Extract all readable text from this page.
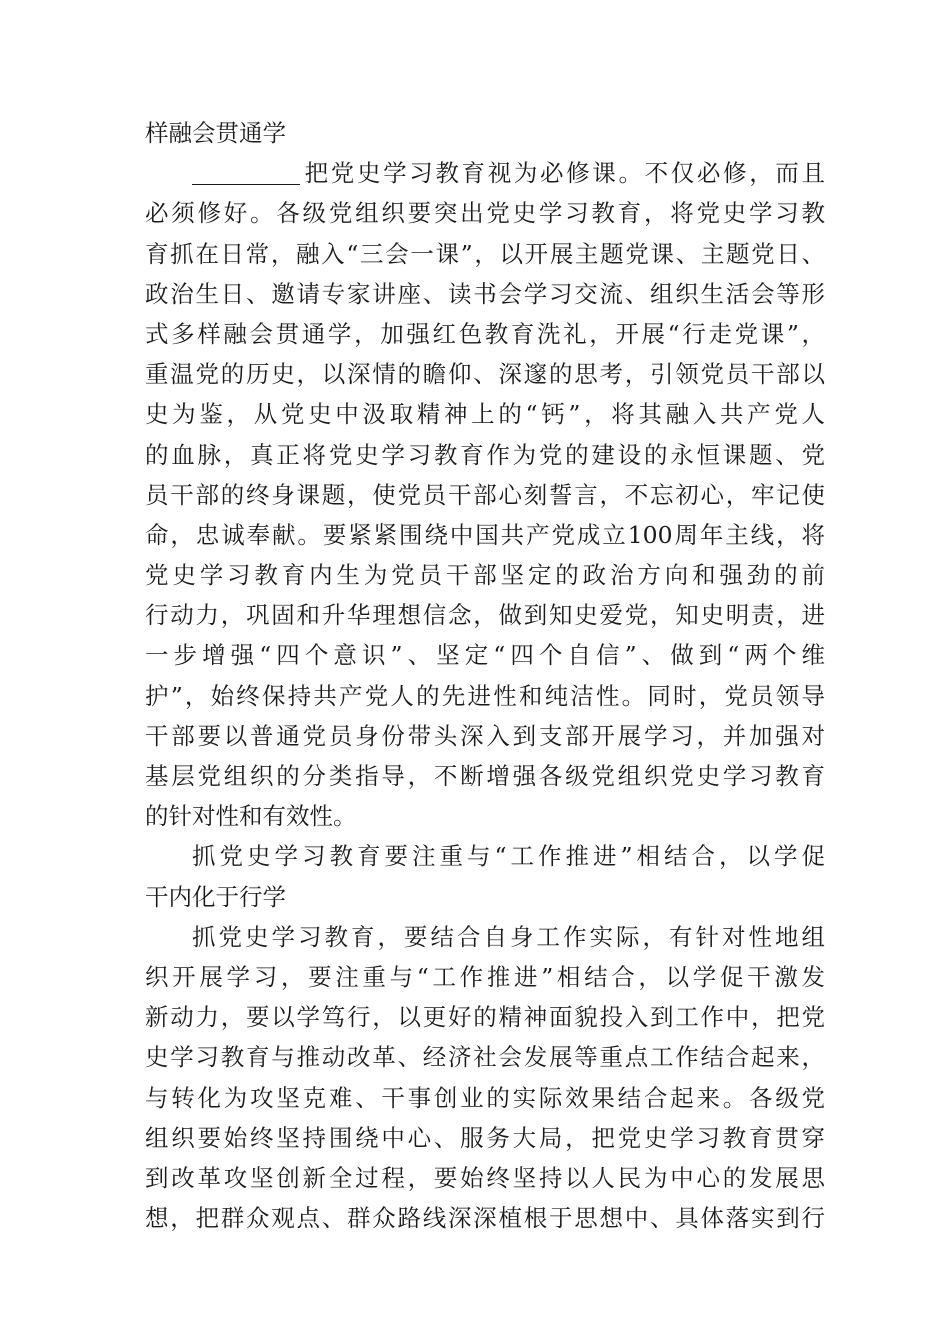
样融会贯通学
把党史学习教育视为必修课。不仅必修，而且
必须修好。各级党组织要突出党史学习教育，将党史学习教
育抓在日常，融入“三会一课”，以开展主题党课、主题党日、
政治生日、邀请专家讲座、读书会学习交流、组织生活会等形
式多样融会贯通学，加强红色教育洗礼，开展“行走党课”，
重温党的历史，以深情的瞻仰、深邃的思考，引领党员干部以
史为鉴，从党史中汲取精神上的“钙”，将其融入共产党人
的血脉，真正将党史学习教育作为党的建设的永恒课题、党
员干部的终身课题，使党员干部心刻誓言，不忘初心，牢记使
命，忠诚奉献。要紧紧围绕中国共产党成立100周年主线，将
党史学习教育内生为党员干部坚定的政治方向和强劲的前
行动力，巩固和升华理想信念，做到知史爱党，知史明责，进
一步增强“四个意识”、坚定“四个自信”、做到“两个维
护”，始终保持共产党人的先进性和纯洁性。同时，党员领导
干部要以普通党员身份带头深入到支部开展学习，并加强对
基层党组织的分类指导，不断增强各级党组织党史学习教育
的针对性和有效性。
抓党史学习教育要注重与“工作推进”相结合，以学促
干内化于行学
抓党史学习教育，要结合自身工作实际，有针对性地组
织开展学习，要注重与“工作推进”相结合，以学促干激发
新动力，要以学笃行，以更好的精神面貌投入到工作中，把党
史学习教育与推动改革、经济社会发展等重点工作结合起来，
与转化为攻坚克难、干事创业的实际效果结合起来。各级党
组织要始终坚持围绕中心、服务大局，把党史学习教育贯穿
到改革攻坚创新全过程，要始终坚持以人民为中心的发展思
想，把群众观点、群众路线深深植根于思想中、具体落实到行
